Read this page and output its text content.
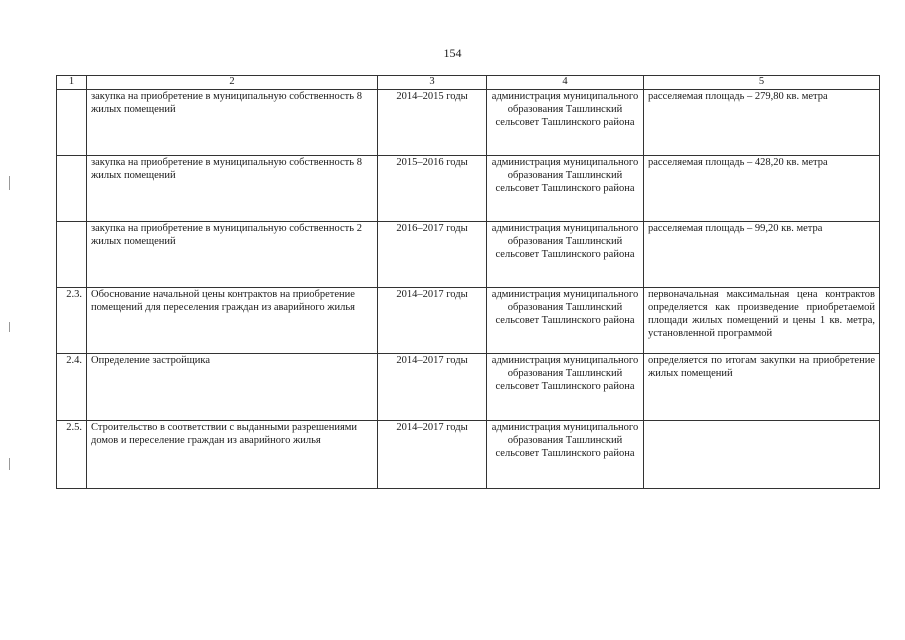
154
1	2	3	4	5
	закупка на приобретение в муниципальную собственность 8 жилых помещений	2014–2015 годы	администрация муниципального образования Ташлинский сельсовет Ташлинского района	расселяемая площадь – 279,80 кв. метра
	закупка на приобретение в муниципальную собственность 8 жилых помещений	2015–2016 годы	администрация муниципального образования Ташлинский сельсовет Ташлинского района	расселяемая площадь – 428,20 кв. метра
	закупка на приобретение в муниципальную собственность 2 жилых помещений	2016–2017 годы	администрация муниципального образования Ташлинский сельсовет Ташлинского района	расселяемая площадь – 99,20 кв. метра
2.3.	Обоснование начальной цены контрактов на приобретение помещений для переселения граждан из аварийного жилья	2014–2017 годы	администрация муниципального образования Ташлинский сельсовет Ташлинского района	первоначальная максимальная цена контрактов определяется как произведение приобретаемой площади жилых помещений и цены 1 кв. метра, установленной программой
2.4.	Определение застройщика	2014–2017 годы	администрация муниципального образования Ташлинский сельсовет Ташлинского района	определяется по итогам закупки на приобретение жилых помещений
2.5.	Строительство в соответствии с выданными разрешениями домов и переселение граждан из аварийного жилья	2014–2017 годы	администрация муниципального образования Ташлинский сельсовет Ташлинского района	
